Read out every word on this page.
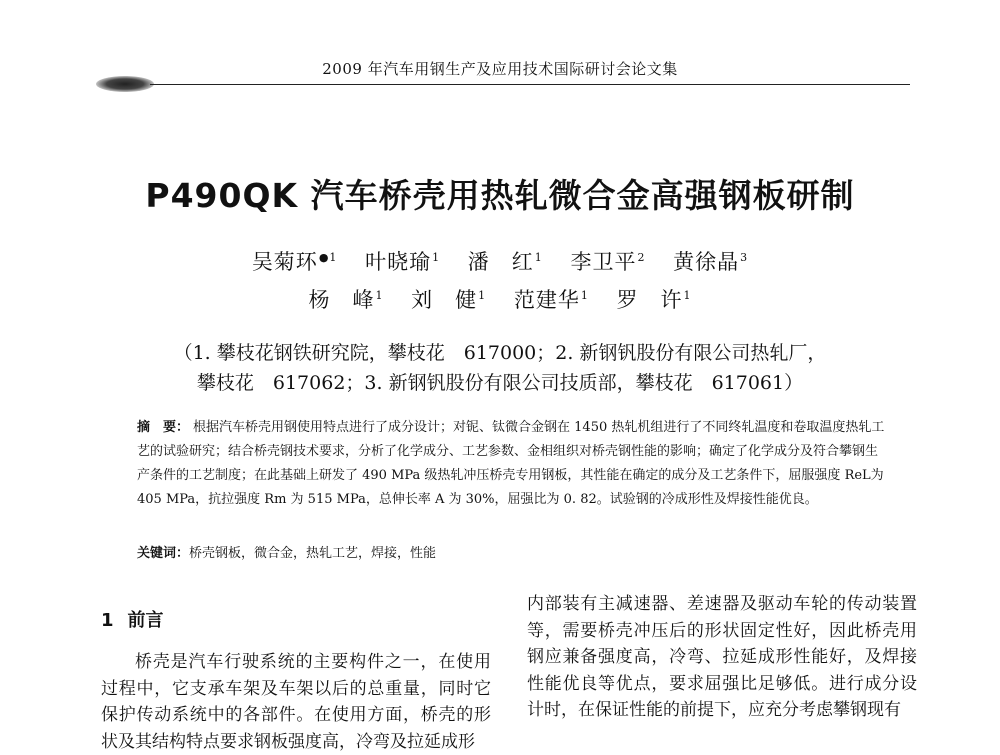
2009 年汽车用钢生产及应用技术国际研讨会论文集
P490QK 汽车桥壳用热轧微合金高强钢板研制
吴菊环$^{●1}$ 叶晓瑜$^1$ 潘　红$^1$ 李卫平$^2$ 黄徐晶$^3$
杨　峰$^1$ 刘　健$^1$ 范建华$^1$ 罗　许$^1$
（1. 攀枝花钢铁研究院，攀枝花　617000；2. 新钢钒股份有限公司热轧厂，
攀枝花　617062；3. 新钢钒股份有限公司技质部，攀枝花　617061）
摘　要： 根据汽车桥壳用钢使用特点进行了成分设计；对铌、钛微合金钢在 1450 热轧机组进行了不同终轧温度和卷取温度热轧工艺的试验研究；结合桥壳钢技术要求，分析了化学成分、工艺参数、金相组织对桥壳钢性能的影响；确定了化学成分及符合攀钢生产条件的工艺制度；在此基础上研发了 490 MPa 级热轧冲压桥壳专用钢板，其性能在确定的成分及工艺条件下，屈服强度 ReL为 405 MPa，抗拉强度 Rm 为 515 MPa，总伸长率 A 为 30%，屈强比为 0. 82。试验钢的冷成形性及焊接性能优良。
关键词：桥壳钢板，微合金，热轧工艺，焊接，性能
1 前言
桥壳是汽车行驶系统的主要构件之一，在使用过程中，它支承车架及车架以后的总重量，同时它保护传动系统中的各部件。在使用方面，桥壳的形状及其结构特点要求钢板强度高，冷弯及拉延成形
内部装有主减速器、差速器及驱动车轮的传动装置等，需要桥壳冲压后的形状固定性好，因此桥壳用钢应兼备强度高，冷弯、拉延成形性能好，及焊接性能优良等优点，要求屈强比足够低。进行成分设计时，在保证性能的前提下，应充分考虑攀钢现有
